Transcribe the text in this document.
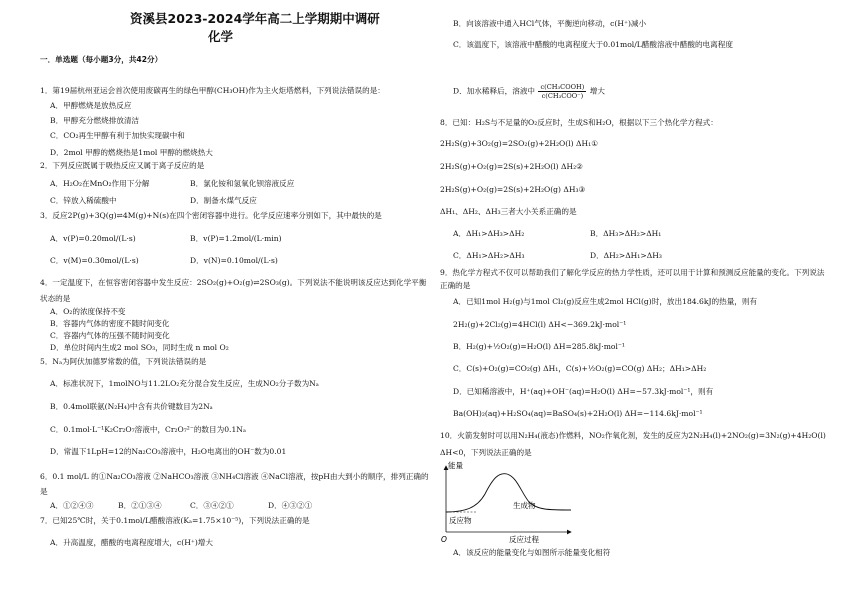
资溪县2023-2024学年高二上学期期中调研
化学
一．单选题（每小题3分，共42分）
1．第19届杭州亚运会首次使用废碳再生的绿色甲醇(CH₃OH)作为主火炬塔燃料，下列说法错误的是：
A．甲醇燃烧是放热反应
B．甲醇充分燃烧排放清洁
C．CO₂再生甲醇有利于加快实现碳中和
D．2mol 甲醇的燃烧热是1mol 甲醇的燃烧热大
2．下列反应既属于吸热反应又属于离子反应的是
A．H₂O₂在MnO₂作用下分解	B．氯化铵和氢氧化钡溶液反应
C．锌放入稀硫酸中	D．制备水煤气反应
3．反应2P(g)+3Q(g)⇌4M(g)+N(s)在四个密闭容器中进行。化学反应速率分别如下，其中最快的是
A．v(P)=0.20mol/(L·s)	B．v(P)=1.2mol/(L·min)
C．v(M)=0.30mol/(L·s)	D．v(N)=0.10mol/(L·s)
4．一定温度下，在恒容密闭容器中发生反应：2SO₂(g)+O₂(g)⇌2SO₃(g)。下列说法不能说明该反应达到化学平衡
状态的是
A．O₂的浓度保持不变
B．容器内气体的密度不随时间变化
C．容器内气体的压强不随时间变化
D．单位时间内生成2 mol SO₃，同时生成 n mol O₂
5．Nₐ为阿伏加德罗常数的值，下列说法错误的是
A．标准状况下，1molNO与11.2LO₂充分混合发生反应，生成NO₂分子数为Nₐ
B．0.4mol联氨(N₂H₄)中含有共价键数目为2Nₐ
C．0.1mol·L⁻¹K₂Cr₂O₇溶液中，Cr₂O₇²⁻的数目为0.1Nₐ
D．常温下1LpH=12的Na₂CO₃溶液中，H₂O电离出的OH⁻数为0.01
6．0.1 mol/L 的①Na₂CO₃溶液 ②NaHCO₃溶液 ③NH₄Cl溶液 ④NaCl溶液，按pH由大到小的顺序，排列正确的
是
A．①②④③	B．②①③④	C．③④②①	D．④③②①
7．已知25℃时，关于0.1mol/L醋酸溶液(Kₐ=1.75×10⁻⁵)，下列说法正确的是
A．升高温度，醋酸的电离程度增大，c(H⁺)增大
B．向该溶液中通入HCl气体，平衡逆向移动，c(H⁺)减小
C．该温度下，该溶液中醋酸的电离程度大于0.01mol/L醋酸溶液中醋酸的电离程度
D．加水稀释后，溶液中 $\frac{\text{c(CH₃COOH)}}{\text{c(CH₃COO⁻)}}$ 增大
8．已知：H₂S与不足量的O₂反应时，生成S和H₂O，根据以下三个热化学方程式：
2H₂S(g)+3O₂(g)=2SO₂(g)+2H₂O(l) ΔH₁①
2H₂S(g)+O₂(g)=2S(s)+2H₂O(l) ΔH₂②
2H₂S(g)+O₂(g)=2S(s)+2H₂O(g) ΔH₃③
ΔH₁、ΔH₂、ΔH₃三者大小关系正确的是
A．ΔH₁>ΔH₃>ΔH₂	B．ΔH₃>ΔH₂>ΔH₁
C．ΔH₁>ΔH₂>ΔH₃	D．ΔH₂>ΔH₁>ΔH₃
9．热化学方程式不仅可以帮助我们了解化学反应的热力学性质，还可以用于计算和预测反应能量的变化。下列说法
正确的是
A．已知1mol H₂(g)与1mol Cl₂(g)反应生成2mol HCl(g)时，放出184.6kJ的热量，则有
2H₂(g)+2Cl₂(g)=4HCl(l) ΔH<−369.2kJ·mol⁻¹
B．H₂(g)+½O₂(g)=H₂O(l) ΔH=285.8kJ·mol⁻¹
C．C(s)+O₂(g)=CO₂(g) ΔH₁，C(s)+½O₂(g)=CO(g) ΔH₂；ΔH₁>ΔH₂
D．已知稀溶液中，H⁺(aq)+OH⁻(aq)=H₂O(l) ΔH=−57.3kJ·mol⁻¹，则有
Ba(OH)₂(aq)+H₂SO₄(aq)=BaSO₄(s)+2H₂O(l) ΔH=−114.6kJ·mol⁻¹
10．火箭发射时可以用N₂H₄(液态)作燃料，NO₂作氧化剂，发生的反应为2N₂H₄(l)+2NO₂(g)=3N₂(g)+4H₂O(l)
ΔH<0，下列说法正确的是
能量
O	反应过程
反应物
生成物
A．该反应的能量变化与如图所示能量变化相符
